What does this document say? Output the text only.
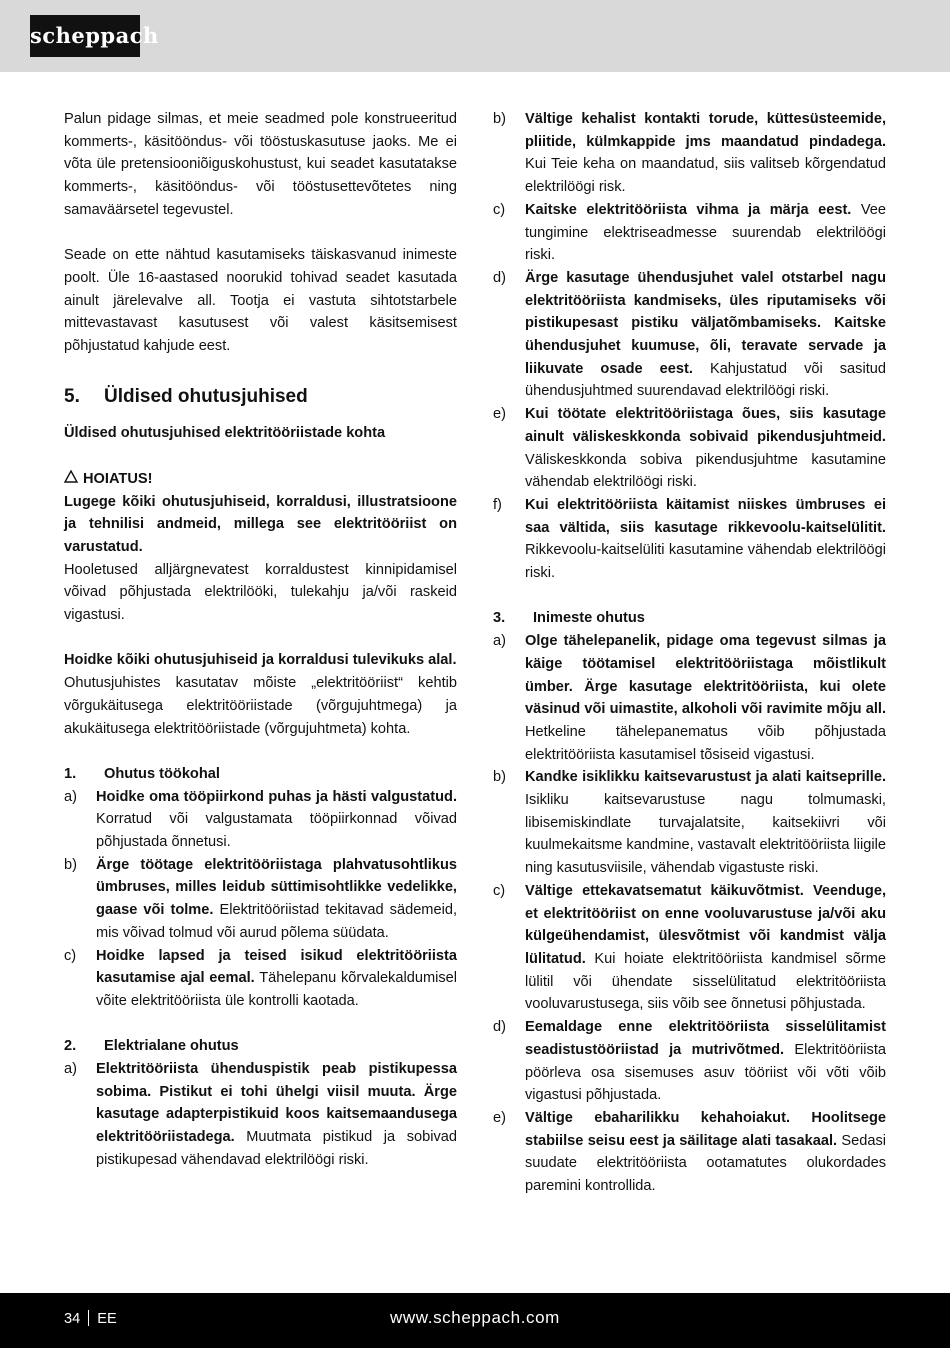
scheppach

Palun pidage silmas, et meie seadmed pole konstrueeritud kommerts-, käsitööndus- või tööstuskasutuse jaoks. Me ei võta üle pretensiooniõiguskohustust, kui seadet kasutatakse kommerts-, käsitööndus- või tööstusettevõtetes ning samaväärsetel tegevustel.

Seade on ette nähtud kasutamiseks täiskasvanud inimeste poolt. Üle 16-aastased noorukid tohivad seadet kasutada ainult järelevalve all. Tootja ei vastuta sihtotstarbele mittevastavast kasutusest või valest käsitsemisest põhjustatud kahjude eest.

5. Üldised ohutusjuhised

Üldised ohutusjuhised elektritööriistade kohta

HOIATUS!

Lugege kõiki ohutusjuhiseid, korraldusi, illustratsioone ja tehnilisi andmeid, millega see elektritööriist on varustatud.

Hooletused alljärgnevatest korraldustest kinnipidamisel võivad põhjustada elektrilööki, tulekahju ja/või raskeid vigastusi.

Hoidke kõiki ohutusjuhiseid ja korraldusi tulevikuks alal.

Ohutusjuhistes kasutatav mõiste „elektritööriist“ kehtib võrgukäitusega elektritööriistade (võrgujuhtmega) ja akukäitusega elektritööriistade (võrgujuhtmeta) kohta.

1. Ohutus töökohal
a) Hoidke oma tööpiirkond puhas ja hästi valgustatud. Korratud või valgustamata tööpiirkonnad võivad põhjustada õnnetusi.
b) Ärge töötage elektritööriistaga plahvatusohtlikus ümbruses, milles leidub süttimisohtlikke vedelikke, gaase või tolme. Elektritööriistad tekitavad sädemeid, mis võivad tolmud või aurud põlema süüdata.
c) Hoidke lapsed ja teised isikud elektritööriista kasutamise ajal eemal. Tähelepanu kõrvalekaldumisel võite elektritööriista üle kontrolli kaotada.
2. Elektrialane ohutus
a) Elektritööriista ühenduspistik peab pistikupessa sobima. Pistikut ei tohi ühelgi viisil muuta. Ärge kasutage adapterpistikuid koos kaitsemaandusega elektritööriistadega. Muutmata pistikud ja sobivad pistikupesad vähendavad elektrilöögi riski.
b) Vältige kehalist kontakti torude, küttesüsteemide, pliitide, külmkappide jms maandatud pindadega. Kui Teie keha on maandatud, siis valitseb kõrgendatud elektrilöögi risk.
c) Kaitske elektritööriista vihma ja märja eest. Vee tungimine elektriseadmesse suurendab elektrilöögi riski.
d) Ärge kasutage ühendusjuhet valel otstarbel nagu elektritööriista kandmiseks, üles riputamiseks või pistikupesast pistiku väljatõmbamiseks. Kaitske ühendusjuhet kuumuse, õli, teravate servade ja liikuvate osade eest. Kahjustatud või sasitud ühendusjuhtmed suurendavad elektrilöögi riski.
e) Kui töötate elektritööriistaga õues, siis kasutage ainult väliskeskkonda sobivaid pikendusjuhtmeid. Väliskeskkonda sobiva pikendusjuhtme kasutamine vähendab elektrilöögi riski.
f) Kui elektritööriista käitamist niiskes ümbruses ei saa vältida, siis kasutage rikkevoolu-kaitselülitit. Rikkevoolu-kaitselüliti kasutamine vähendab elektrilöögi riski.
3. Inimeste ohutus
a) Olge tähelepanelik, pidage oma tegevust silmas ja käige töötamisel elektritööriistaga mõistlikult ümber. Ärge kasutage elektritööriista, kui olete väsinud või uimastite, alkoholi või ravimite mõju all. Hetkeline tähelepanematus võib põhjustada elektritööriista kasutamisel tõsiseid vigastusi.
b) Kandke isiklikku kaitsevarustust ja alati kaitseprille. Isikliku kaitsevarustuse nagu tolmumaski, libisemiskindlate turvajalatsite, kaitsekiivri või kuulmekaitsme kandmine, vastavalt elektritööriista liigile ning kasutusviisile, vähendab vigastuste riski.
c) Vältige ettekavatsematut käikuvõtmist. Veenduge, et elektritööriist on enne vooluvarustuse ja/või aku külgeühendamist, ülesvõtmist või kandmist välja lülitatud. Kui hoiate elektritööriista kandmisel sõrme lülitil või ühendate sisselülitatud elektritööriista vooluvarustusega, siis võib see õnnetusi põhjustada.
d) Eemaldage enne elektritööriista sisselülitamist seadistustööriistad ja mutrivõtmed. Elektritööriista pöörleva osa sisemuses asuv tööriist või võti võib vigastusi põhjustada.
e) Vältige ebaharilikku kehahoiakut. Hoolitsege stabiilse seisu eest ja säilitage alati tasakaal. Sedasi suudate elektritööriista ootamatutes olukordades paremini kontrollida.
34 EE	www.scheppach.com
